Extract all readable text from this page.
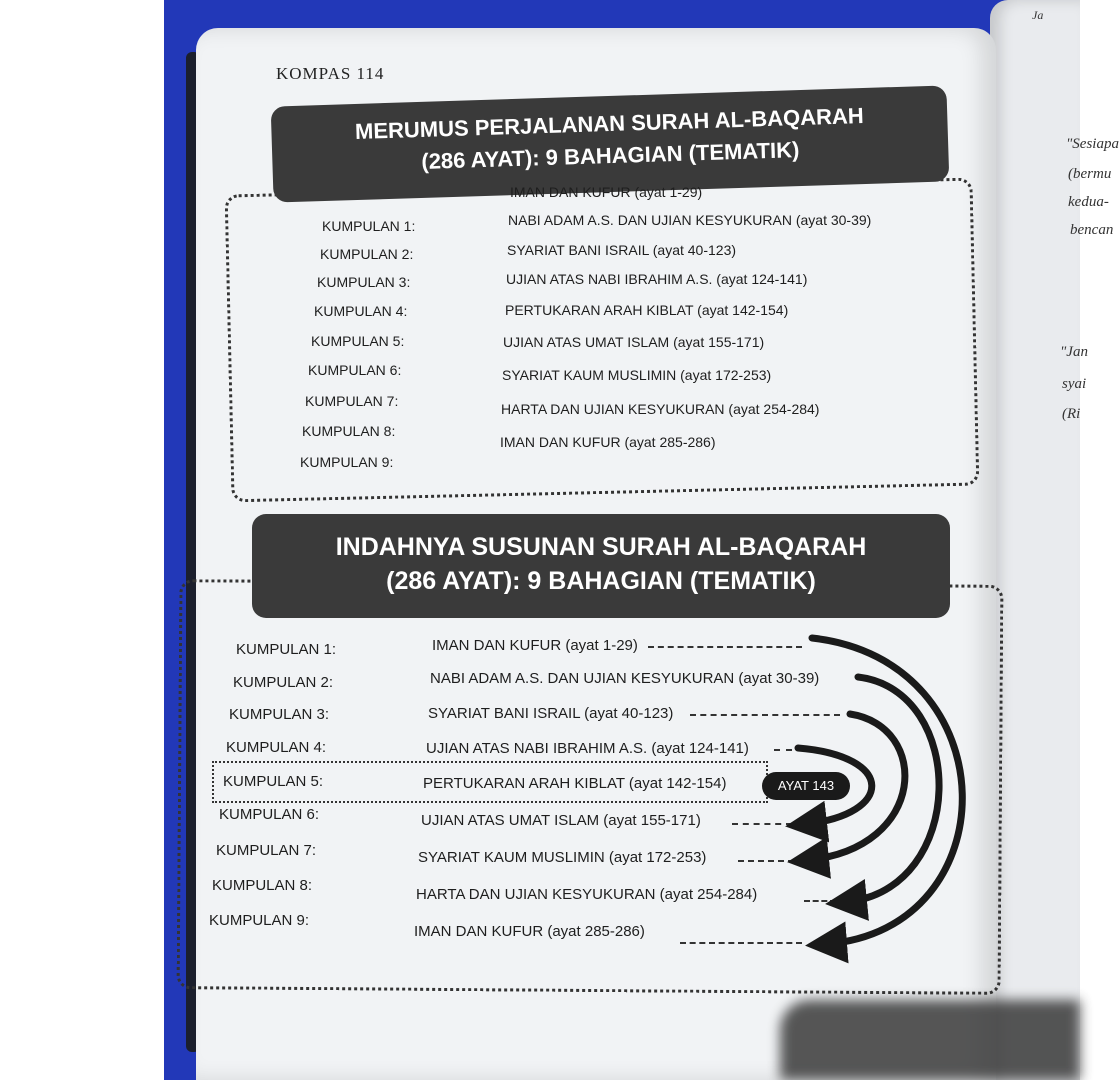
Ja
"Sesiapa
(bermu
kedua-
bencan
"Jan
syai
(Ri
KOMPAS 114
MERUMUS PERJALANAN SURAH AL-BAQARAH
(286 AYAT): 9 BAHAGIAN (TEMATIK)
KUMPULAN 1:
IMAN DAN KUFUR (ayat 1-29)
KUMPULAN 2:
NABI ADAM A.S. DAN UJIAN KESYUKURAN (ayat 30-39)
KUMPULAN 3:
SYARIAT BANI ISRAIL (ayat 40-123)
KUMPULAN 4:
UJIAN ATAS NABI IBRAHIM A.S. (ayat 124-141)
KUMPULAN 5:
PERTUKARAN ARAH KIBLAT (ayat 142-154)
KUMPULAN 6:
UJIAN ATAS UMAT ISLAM (ayat 155-171)
KUMPULAN 7:
SYARIAT KAUM MUSLIMIN (ayat 172-253)
KUMPULAN 8:
HARTA DAN UJIAN KESYUKURAN (ayat 254-284)
KUMPULAN 9:
IMAN DAN KUFUR (ayat 285-286)
INDAHNYA SUSUNAN SURAH AL-BAQARAH
(286 AYAT): 9 BAHAGIAN (TEMATIK)
KUMPULAN 1:	IMAN DAN KUFUR (ayat 1-29)
KUMPULAN 2:	NABI ADAM A.S. DAN UJIAN KESYUKURAN (ayat 30-39)
KUMPULAN 3:	SYARIAT BANI ISRAIL (ayat 40-123)
KUMPULAN 4:	UJIAN ATAS NABI IBRAHIM A.S. (ayat 124-141)
KUMPULAN 5:	PERTUKARAN ARAH KIBLAT (ayat 142-154)
KUMPULAN 6:	UJIAN ATAS UMAT ISLAM (ayat 155-171)
KUMPULAN 7:	SYARIAT KAUM MUSLIMIN (ayat 172-253)
KUMPULAN 8:
HARTA DAN UJIAN KESYUKURAN (ayat 254-284)
KUMPULAN 9:
IMAN DAN KUFUR (ayat 285-286)
AYAT 143
